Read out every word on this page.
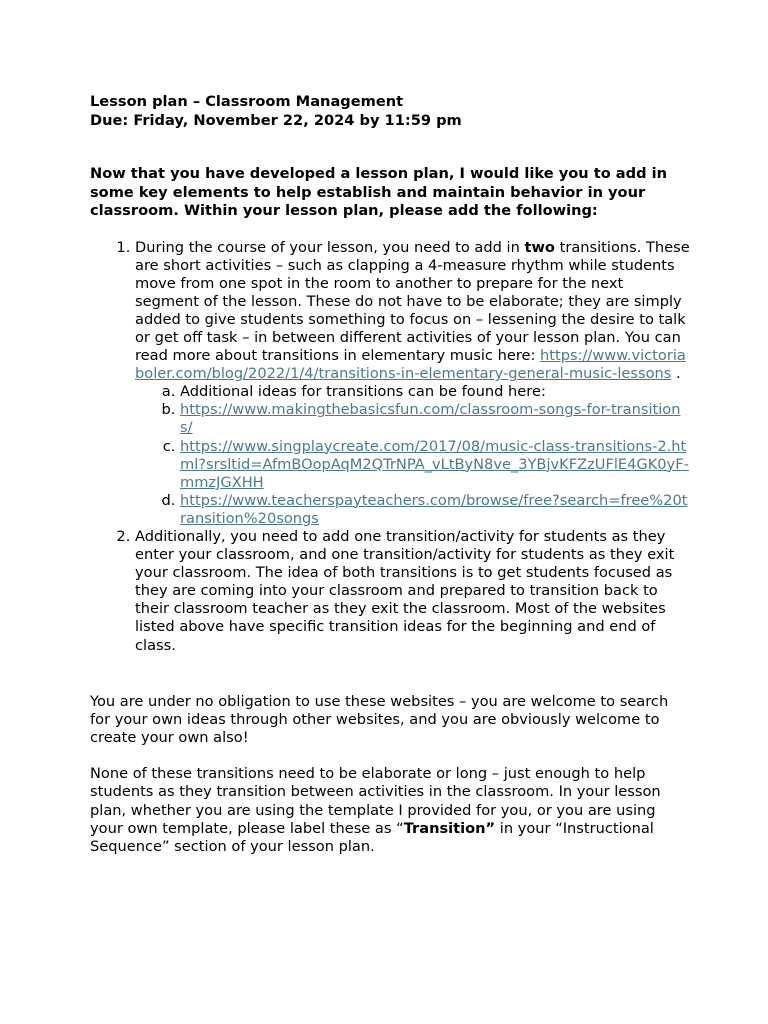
Lesson plan – Classroom Management

Due: Friday, November 22, 2024 by 11:59 pm

Now that you have developed a lesson plan, I would like you to add in some key elements to help establish and maintain behavior in your classroom. Within your lesson plan, please add the following:

1. During the course of your lesson, you need to add in two transitions. These are short activities – such as clapping a 4-measure rhythm while students move from one spot in the room to another to prepare for the next segment of the lesson. These do not have to be elaborate; they are simply added to give students something to focus on – lessening the desire to talk or get off task – in between different activities of your lesson plan. You can read more about transitions in elementary music here: https://www.victoriaboler.com/blog/2022/1/4/transitions-in-elementary-general-music-lessons .
a. Additional ideas for transitions can be found here:
b. https://www.makingthebasicsfun.com/classroom-songs-for-transitions/
c. https://www.singplaycreate.com/2017/08/music-class-transitions-2.html?srsltid=AfmBOopAqM2QTrNPA_vLtByN8ve_3YBjvKFZzUFlE4GK0yF-mmzJGXHH
d. https://www.teacherspayteachers.com/browse/free?search=free%20transition%20songs
2. Additionally, you need to add one transition/activity for students as they enter your classroom, and one transition/activity for students as they exit your classroom. The idea of both transitions is to get students focused as they are coming into your classroom and prepared to transition back to their classroom teacher as they exit the classroom. Most of the websites listed above have specific transition ideas for the beginning and end of class.

You are under no obligation to use these websites – you are welcome to search for your own ideas through other websites, and you are obviously welcome to create your own also!

None of these transitions need to be elaborate or long – just enough to help students as they transition between activities in the classroom. In your lesson plan, whether you are using the template I provided for you, or you are using your own template, please label these as “Transition” in your “Instructional Sequence” section of your lesson plan.
